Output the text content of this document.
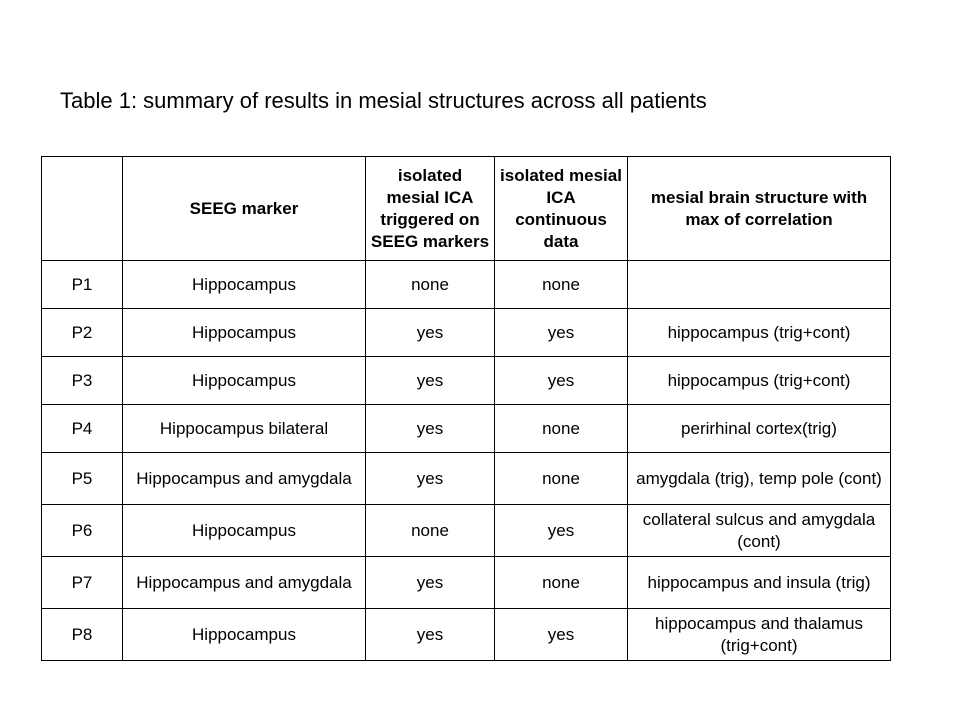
Table 1: summary of results in mesial structures across all patients
	SEEG marker	isolated mesial ICA triggered on SEEG markers	isolated mesial ICA continuous data	mesial brain structure with max of correlation
P1	Hippocampus	none	none	
P2	Hippocampus	yes	yes	hippocampus (trig+cont)
P3	Hippocampus	yes	yes	hippocampus (trig+cont)
P4	Hippocampus bilateral	yes	none	perirhinal cortex(trig)
P5	Hippocampus and amygdala	yes	none	amygdala (trig), temp pole (cont)
P6	Hippocampus	none	yes	collateral sulcus and amygdala (cont)
P7	Hippocampus and amygdala	yes	none	hippocampus and insula (trig)
P8	Hippocampus	yes	yes	hippocampus and thalamus (trig+cont)
